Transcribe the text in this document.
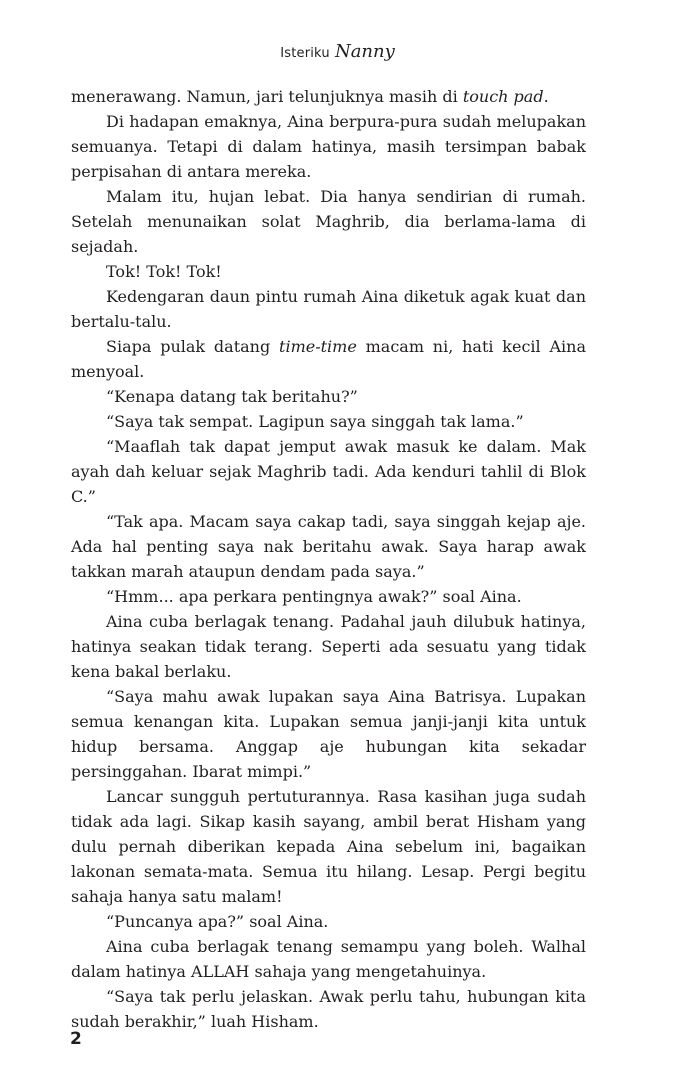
Isteriku Nanny

menerawang. Namun, jari telunjuknya masih di touch pad.

Di hadapan emaknya, Aina berpura-pura sudah melupakan semuanya. Tetapi di dalam hatinya, masih tersimpan babak perpisahan di antara mereka.

Malam itu, hujan lebat. Dia hanya sendirian di rumah. Setelah menunaikan solat Maghrib, dia berlama-lama di sejadah.

Tok! Tok! Tok!

Kedengaran daun pintu rumah Aina diketuk agak kuat dan bertalu-talu.

Siapa pulak datang time-time macam ni, hati kecil Aina menyoal.

“Kenapa datang tak beritahu?”

“Saya tak sempat. Lagipun saya singgah tak lama.”

“Maaflah tak dapat jemput awak masuk ke dalam. Mak ayah dah keluar sejak Maghrib tadi. Ada kenduri tahlil di Blok C.”

“Tak apa. Macam saya cakap tadi, saya singgah kejap aje. Ada hal penting saya nak beritahu awak. Saya harap awak takkan marah ataupun dendam pada saya.”

“Hmm... apa perkara pentingnya awak?” soal Aina.

Aina cuba berlagak tenang. Padahal jauh dilubuk hatinya, hatinya seakan tidak terang. Seperti ada sesuatu yang tidak kena bakal berlaku.

“Saya mahu awak lupakan saya Aina Batrisya. Lupakan semua kenangan kita. Lupakan semua janji-janji kita untuk hidup bersama. Anggap aje hubungan kita sekadar persinggahan. Ibarat mimpi.”

Lancar sungguh pertuturannya. Rasa kasihan juga sudah tidak ada lagi. Sikap kasih sayang, ambil berat Hisham yang dulu pernah diberikan kepada Aina sebelum ini, bagaikan lakonan semata-mata. Semua itu hilang. Lesap. Pergi begitu sahaja hanya satu malam!

“Puncanya apa?” soal Aina.

Aina cuba berlagak tenang semampu yang boleh. Walhal dalam hatinya ALLAH sahaja yang mengetahuinya.

“Saya tak perlu jelaskan. Awak perlu tahu, hubungan kita sudah berakhir,” luah Hisham.

2
